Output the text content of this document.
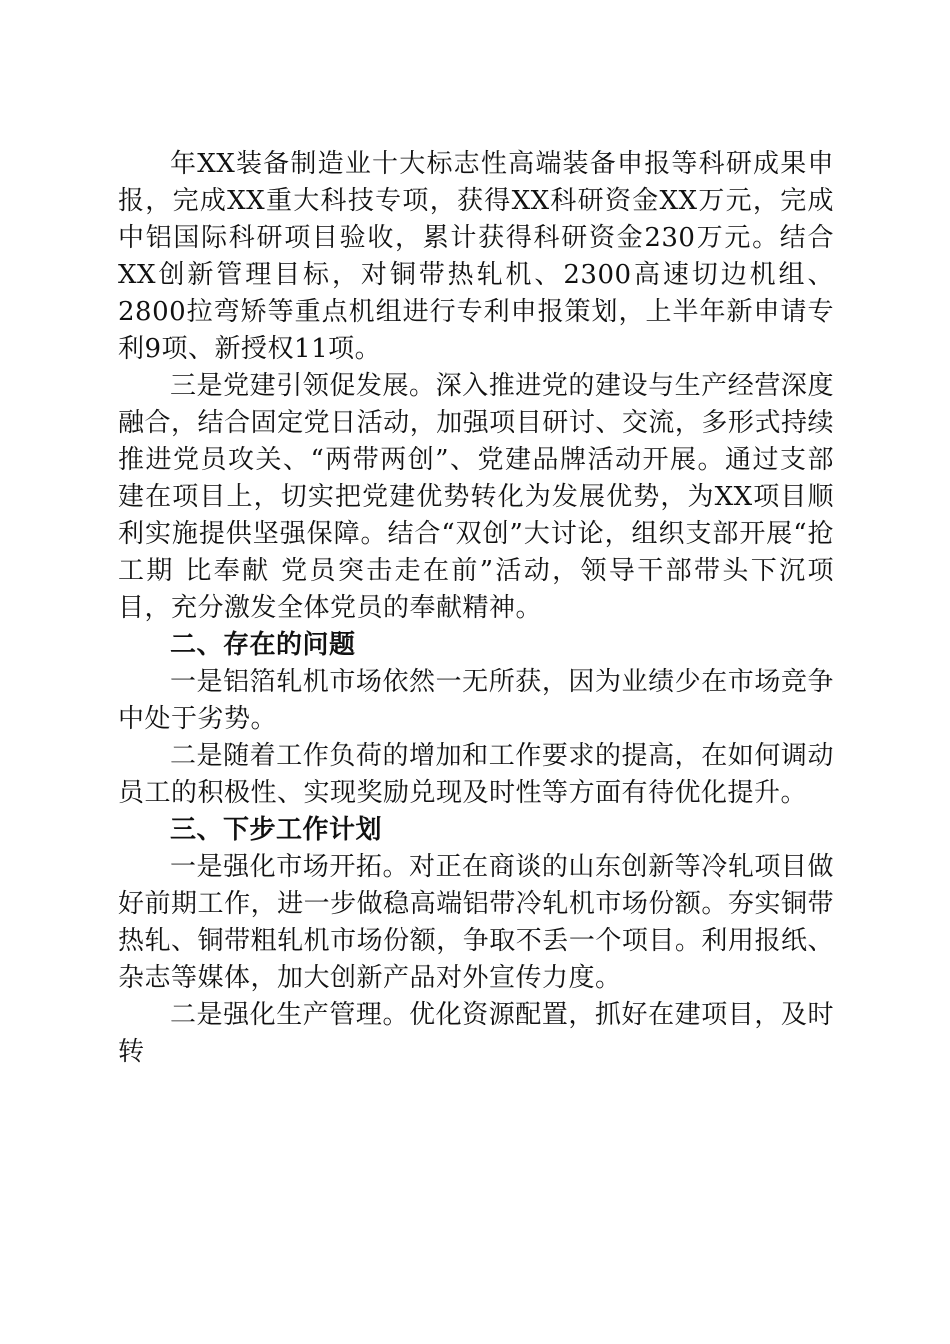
年XX装备制造业十大标志性高端装备申报等科研成果申报，完成XX重大科技专项，获得XX科研资金XX万元，完成中铝国际科研项目验收，累计获得科研资金230万元。结合XX创新管理目标，对铜带热轧机、2300高速切边机组、2800拉弯矫等重点机组进行专利申报策划，上半年新申请专利9项、新授权11项。

三是党建引领促发展。深入推进党的建设与生产经营深度融合，结合固定党日活动，加强项目研讨、交流，多形式持续推进党员攻关、“两带两创”、党建品牌活动开展。通过支部建在项目上，切实把党建优势转化为发展优势，为XX项目顺利实施提供坚强保障。结合“双创”大讨论，组织支部开展“抢工期 比奉献 党员突击走在前”活动，领导干部带头下沉项目，充分激发全体党员的奉献精神。

二、存在的问题

一是铝箔轧机市场依然一无所获，因为业绩少在市场竞争中处于劣势。

二是随着工作负荷的增加和工作要求的提高，在如何调动员工的积极性、实现奖励兑现及时性等方面有待优化提升。

三、下步工作计划

一是强化市场开拓。对正在商谈的山东创新等冷轧项目做好前期工作，进一步做稳高端铝带冷轧机市场份额。夯实铜带热轧、铜带粗轧机市场份额，争取不丢一个项目。利用报纸、杂志等媒体，加大创新产品对外宣传力度。

二是强化生产管理。优化资源配置，抓好在建项目，及时转
